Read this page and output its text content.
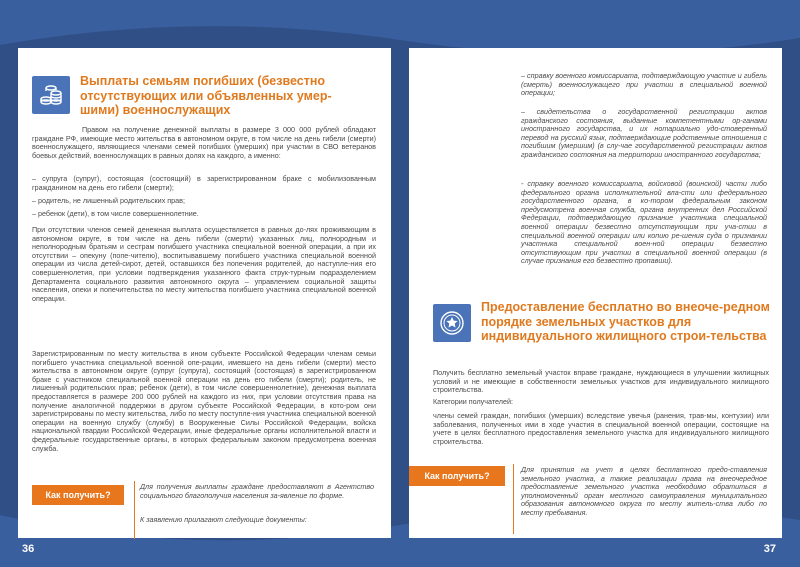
Выплаты семьям погибших (безвестно отсутствующих или объявленных умер-шими) военнослужащих
Правом на получение денежной выплаты в размере 3 000 000 рублей обладают граждане РФ, имеющие место жительства в автономном округе, в том числе на день гибели (смерти) военнослужащего, являющиеся членами семей погибших (умерших) при участии в СВО ветеранов боевых действий, военнослужащих в равных долях на каждого, а именно:
– супруга (супруг), состоящая (состоящий) в зарегистрированном браке с мобилизованным гражданином на день его гибели (смерти);
– родитель, не лишенный родительских прав;
– ребенок (дети), в том числе совершеннолетние.
При отсутствии членов семей денежная выплата осуществляется в равных до-лях проживающим в автономном округе, в том числе на день гибели (смерти) указанных лиц, полнородным и неполнородным братьям и сестрам погибшего участника специальной военной операции, а при их отсутствии – опекуну (попе-чителю), воспитывавшему погибшего участника специальной военной операции из числа детей-сирот, детей, оставшихся без попечения родителей, до наступле-ния его совершеннолетия, при условии подтверждения указанного факта струк-турным подразделением Департамента социального развития автономного округа – управлением социальной защиты населения, опеки и попечительства по месту жительства погибшего участника специальной военной операции.
Зарегистрированным по месту жительства в ином субъекте Российской Федерации членам семьи погибшего участника специальной военной опе-рации, имевшего на день гибели (смерти) место жительства в автономном округе (супруг (супруга), состоящий (состоящая) в зарегистрированном браке с участником специальной военной операции на день его гибели (смерти); родитель, не лишенный родительских прав; ребенок (дети), в том числе совершеннолетние), денежная выплата предоставляется в размере 200 000 рублей на каждого из них, при условии отсутствия права на получение аналогичной поддержки в другом субъекте Российской Федерации, в кото-ром они зарегистрированы по месту жительства, либо по месту поступле-ния участника специальной военной операции на военную службу (службу) в Вооруженные Силы Российской Федерации, войска национальной гвардии Российской Федерации, иные федеральные органы исполнительной власти и федеральные государственные органы, в которых федеральным законом предусмотрена военная служба.
Как получить?
Для получения выплаты граждане предоставляют в Агентство социального благополучия населения за-явление по форме.
К заявлению прилагают следующие документы:
36
– справку военного комиссариата, подтверждающую участие и гибель (смерть) военнослужащего при участии в специальной военной операции;
– свидетельства о государственной регистрации актов гражданского состояния, выданные компетентными ор-ганами иностранного государства, и их нотариально удо-стоверенный перевод на русский язык, подтверждающие родственные отношения с погибшим (умершим) (в слу-чае государственной регистрации актов гражданского состояния на территории иностранного государства;
- справку военного комиссариата, войсковой (воинской) части либо федерального органа исполнительной вла-сти или федерального государственного органа, в ко-тором федеральным законом предусмотрена военная служба, органа внутренних дел Российской Федерации, подтверждающую признание участника специальной военной операции безвестно отсутствующим при уча-стии в специальной военной операции или копию ре-шения суда о признании участника специальной воен-ной операции безвестно отсутствующим при участии в специальной военной операции (в случае признания его безвестно пропавши).
Предоставление бесплатно во внеоче-редном порядке земельных участков для индивидуального жилищного строи-тельства
Получить бесплатно земельный участок вправе граждане, нуждающиеся в улучшении жилищных условий и не имеющие в собственности земельных участков для индивидуального жилищного строительства.
Категории получателей:
члены семей граждан, погибших (умерших) вследствие увечья (ранения, трав-мы, контузии) или заболевания, полученных ими в ходе участия в специальной военной операции, состоящие на учете в целях бесплатного предоставления земельного участка для индивидуального жилищного строительства.
Как получить?
Для принятия на учет в целях бесплатного предо-ставления земельного участка, а также реализации права на внеочередное предоставление земельного участка необходимо обратиться в уполномоченный орган местного самоуправления муниципального образования автономного округа по месту житель-ства либо по месту пребывания.
37
